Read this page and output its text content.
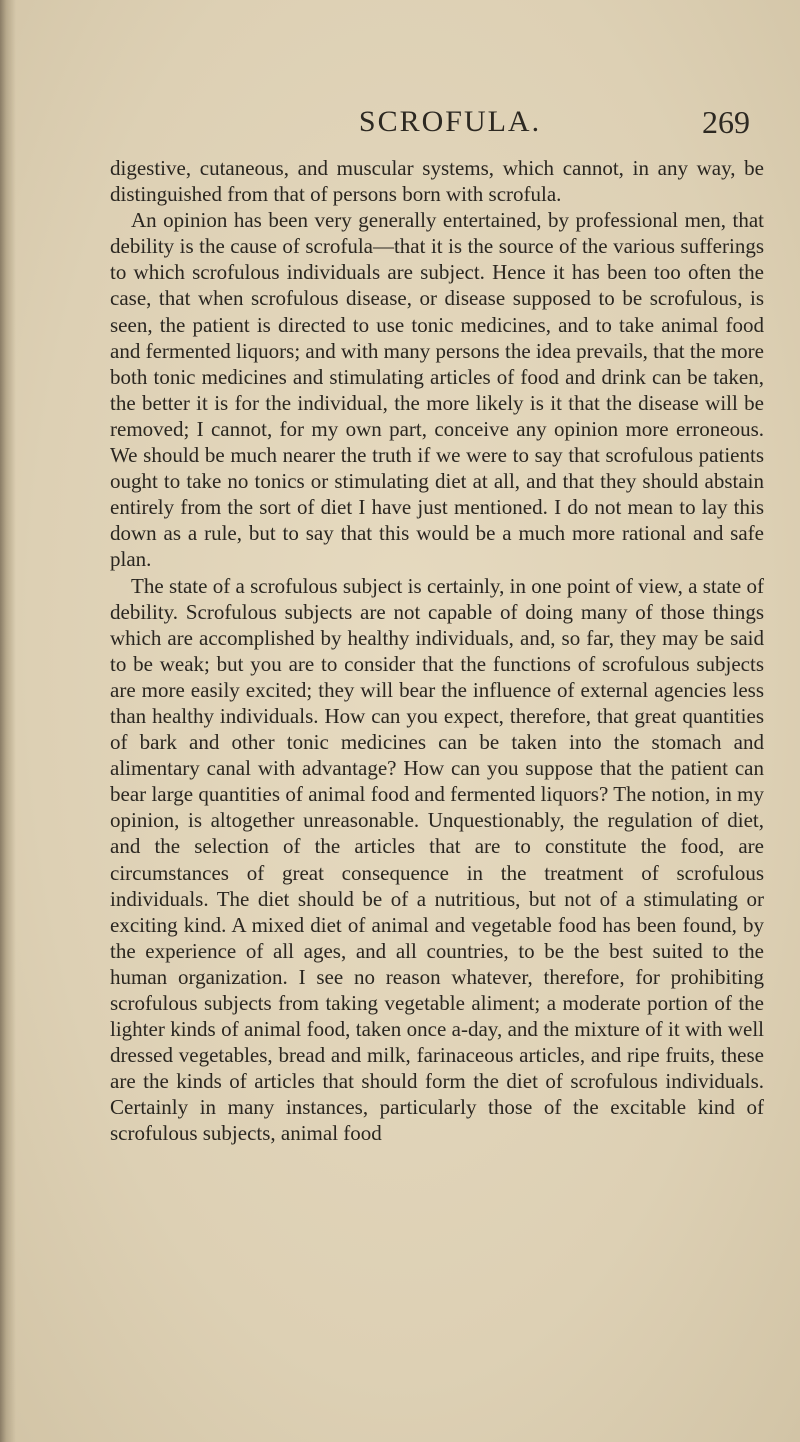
SCROFULA.	269

digestive, cutaneous, and muscular systems, which cannot, in any way, be distinguished from that of persons born with scrofula.

An opinion has been very generally entertained, by professional men, that debility is the cause of scrofula—that it is the source of the various sufferings to which scrofulous individuals are subject. Hence it has been too often the case, that when scrofulous disease, or disease supposed to be scrofulous, is seen, the patient is directed to use tonic medicines, and to take animal food and fermented liquors; and with many persons the idea prevails, that the more both tonic medicines and stimulating articles of food and drink can be taken, the better it is for the individual, the more likely is it that the disease will be removed; I cannot, for my own part, conceive any opinion more erroneous. We should be much nearer the truth if we were to say that scrofulous patients ought to take no tonics or stimulating diet at all, and that they should abstain entirely from the sort of diet I have just mentioned. I do not mean to lay this down as a rule, but to say that this would be a much more rational and safe plan.

The state of a scrofulous subject is certainly, in one point of view, a state of debility. Scrofulous subjects are not capable of doing many of those things which are accomplished by healthy individuals, and, so far, they may be said to be weak; but you are to consider that the functions of scrofulous subjects are more easily excited; they will bear the influence of external agencies less than healthy individuals. How can you expect, therefore, that great quantities of bark and other tonic medicines can be taken into the stomach and alimentary canal with advantage? How can you suppose that the patient can bear large quantities of animal food and fermented liquors? The notion, in my opinion, is altogether unreasonable. Unquestionably, the regulation of diet, and the selection of the articles that are to constitute the food, are circumstances of great consequence in the treatment of scrofulous individuals. The diet should be of a nutritious, but not of a stimulating or exciting kind. A mixed diet of animal and vegetable food has been found, by the experience of all ages, and all countries, to be the best suited to the human organization. I see no reason whatever, therefore, for prohibiting scrofulous subjects from taking vegetable aliment; a moderate portion of the lighter kinds of animal food, taken once a-day, and the mixture of it with well dressed vegetables, bread and milk, farinaceous articles, and ripe fruits, these are the kinds of articles that should form the diet of scrofulous individuals. Certainly in many instances, particularly those of the excitable kind of scrofulous subjects, animal food
